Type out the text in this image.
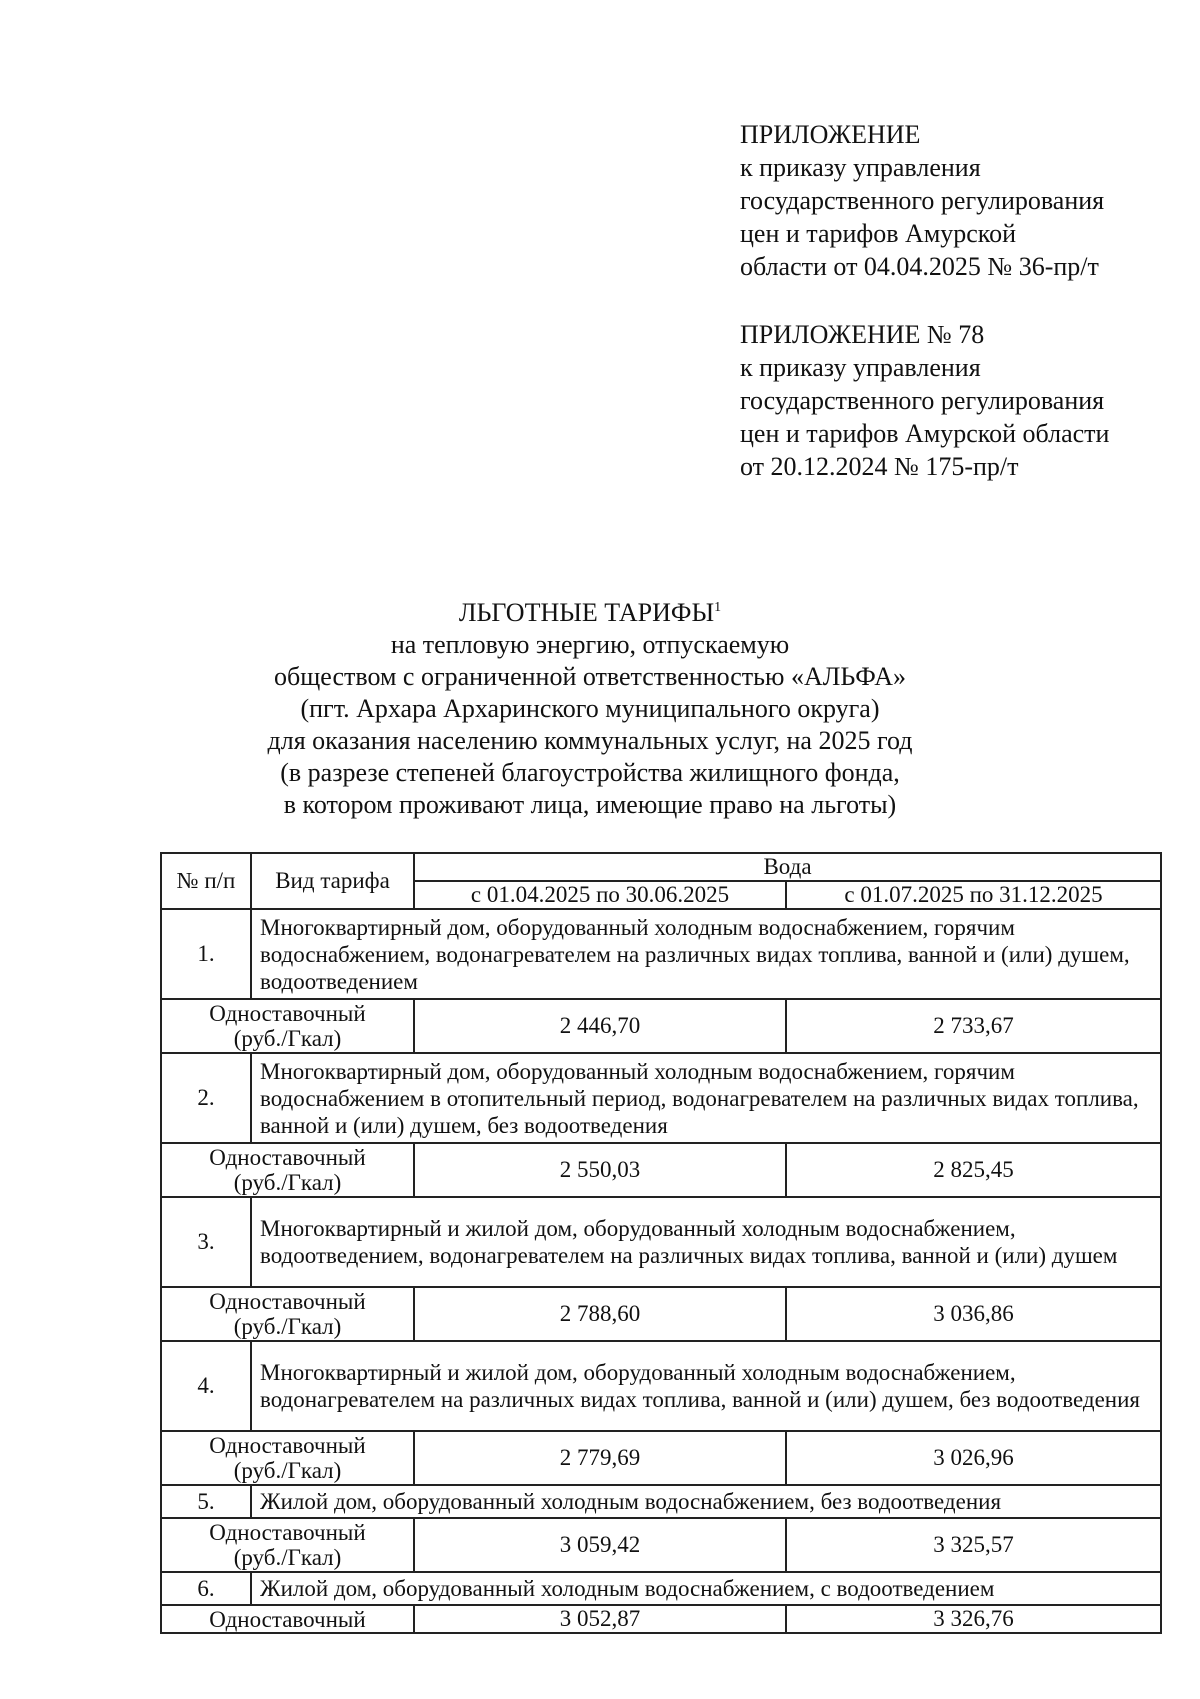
ПРИЛОЖЕНИЕ
к приказу управления
государственного регулирования
цен и тарифов Амурской
области от 04.04.2025 № 36-пр/т
ПРИЛОЖЕНИЕ № 78
к приказу управления
государственного регулирования
цен и тарифов Амурской области
от 20.12.2024 № 175-пр/т
ЛЬГОТНЫЕ ТАРИФЫ$^1$
на тепловую энергию, отпускаемую
обществом с ограниченной ответственностью «АЛЬФА»
(пгт. Архара Архаринского муниципального округа)
для оказания населению коммунальных услуг, на 2025 год
(в разрезе степеней благоустройства жилищного фонда,
в котором проживают лица, имеющие право на льготы)
№ п/п	Вид тарифа	Вода	
		с 01.04.2025 по 30.06.2025	с 01.07.2025 по 31.12.2025
1.	Многоквартирный дом, оборудованный холодным водоснабжением, горячим водоснабжением, водонагревателем на различных видах топлива, ванной и (или) душем, водоотведением		

Одноставочный
(руб./Гкал)		2 446,70	2 733,67
2.	Многоквартирный дом, оборудованный холодным водоснабжением, горячим водоснабжением в отопительный период, водонагревателем на различных видах топлива, ванной и (или) душем, без водоотведения		

Одноставочный
(руб./Гкал)		2 550,03	2 825,45
3.	Многоквартирный и жилой дом, оборудованный холодным водоснабжением, водоотведением, водонагревателем на различных видах топлива, ванной и (или) душем		

Одноставочный
(руб./Гкал)		2 788,60	3 036,86
4.	Многоквартирный и жилой дом, оборудованный холодным водоснабжением, водонагревателем на различных видах топлива, ванной и (или) душем, без водоотведения		

Одноставочный
(руб./Гкал)		2 779,69	3 026,96
5.	Жилой дом, оборудованный холодным водоснабжением, без водоотведения		

Одноставочный
(руб./Гкал)		3 059,42	3 325,57
6.	Жилой дом, оборудованный холодным водоснабжением, с водоотведением		

Одноставочный		3 052,87	3 326,76
